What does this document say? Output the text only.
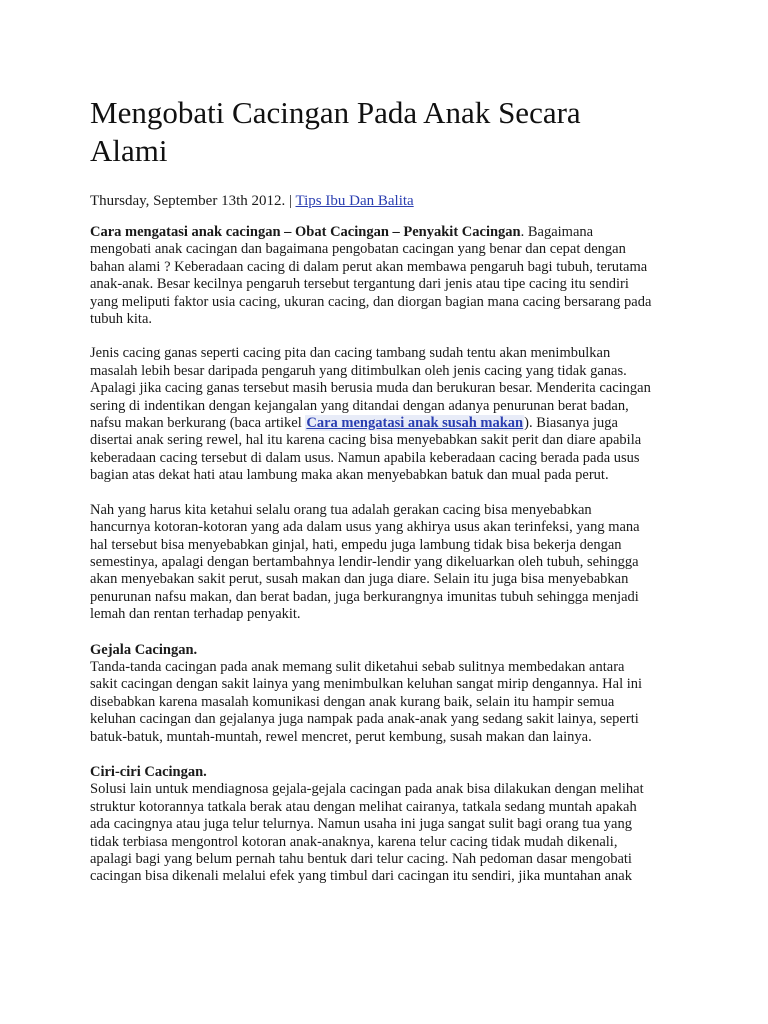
Mengobati Cacingan Pada Anak Secara
Alami
Thursday, September 13th 2012. | Tips Ibu Dan Balita

Cara mengatasi anak cacingan – Obat Cacingan – Penyakit Cacingan. Bagaimana
mengobati anak cacingan dan bagaimana pengobatan cacingan yang benar dan cepat dengan
bahan alami ? Keberadaan cacing di dalam perut akan membawa pengaruh bagi tubuh, terutama
anak-anak. Besar kecilnya pengaruh tersebut tergantung dari jenis atau tipe cacing itu sendiri
yang meliputi faktor usia cacing, ukuran cacing, dan diorgan bagian mana cacing bersarang pada
tubuh kita.

Jenis cacing ganas seperti cacing pita dan cacing tambang sudah tentu akan menimbulkan
masalah lebih besar daripada pengaruh yang ditimbulkan oleh jenis cacing yang tidak ganas.
Apalagi jika cacing ganas tersebut masih berusia muda dan berukuran besar. Menderita cacingan
sering di indentikan dengan kejangalan yang ditandai dengan adanya penurunan berat badan,
nafsu makan berkurang (baca artikel Cara mengatasi anak susah makan). Biasanya juga
disertai anak sering rewel, hal itu karena cacing bisa menyebabkan sakit perit dan diare apabila
keberadaan cacing tersebut di dalam usus. Namun apabila keberadaan cacing berada pada usus
bagian atas dekat hati atau lambung maka akan menyebabkan batuk dan mual pada perut.

Nah yang harus kita ketahui selalu orang tua adalah gerakan cacing bisa menyebabkan
hancurnya kotoran-kotoran yang ada dalam usus yang akhirya usus akan terinfeksi, yang mana
hal tersebut bisa menyebabkan ginjal, hati, empedu juga lambung tidak bisa bekerja dengan
semestinya, apalagi dengan bertambahnya lendir-lendir yang dikeluarkan oleh tubuh, sehingga
akan menyebakan sakit perut, susah makan dan juga diare. Selain itu juga bisa menyebabkan
penurunan nafsu makan, dan berat badan, juga berkurangnya imunitas tubuh sehingga menjadi
lemah dan rentan terhadap penyakit.

Gejala Cacingan.
Tanda-tanda cacingan pada anak memang sulit diketahui sebab sulitnya membedakan antara
sakit cacingan dengan sakit lainya yang menimbulkan keluhan sangat mirip dengannya. Hal ini
disebabkan karena masalah komunikasi dengan anak kurang baik, selain itu hampir semua
keluhan cacingan dan gejalanya juga nampak pada anak-anak yang sedang sakit lainya, seperti
batuk-batuk, muntah-muntah, rewel mencret, perut kembung, susah makan dan lainya.

Ciri-ciri Cacingan.
Solusi lain untuk mendiagnosa gejala-gejala cacingan pada anak bisa dilakukan dengan melihat
struktur kotorannya tatkala berak atau dengan melihat cairanya, tatkala sedang muntah apakah
ada cacingnya atau juga telur telurnya. Namun usaha ini juga sangat sulit bagi orang tua yang
tidak terbiasa mengontrol kotoran anak-anaknya, karena telur cacing tidak mudah dikenali,
apalagi bagi yang belum pernah tahu bentuk dari telur cacing. Nah pedoman dasar mengobati
cacingan bisa dikenali melalui efek yang timbul dari cacingan itu sendiri, jika muntahan anak
